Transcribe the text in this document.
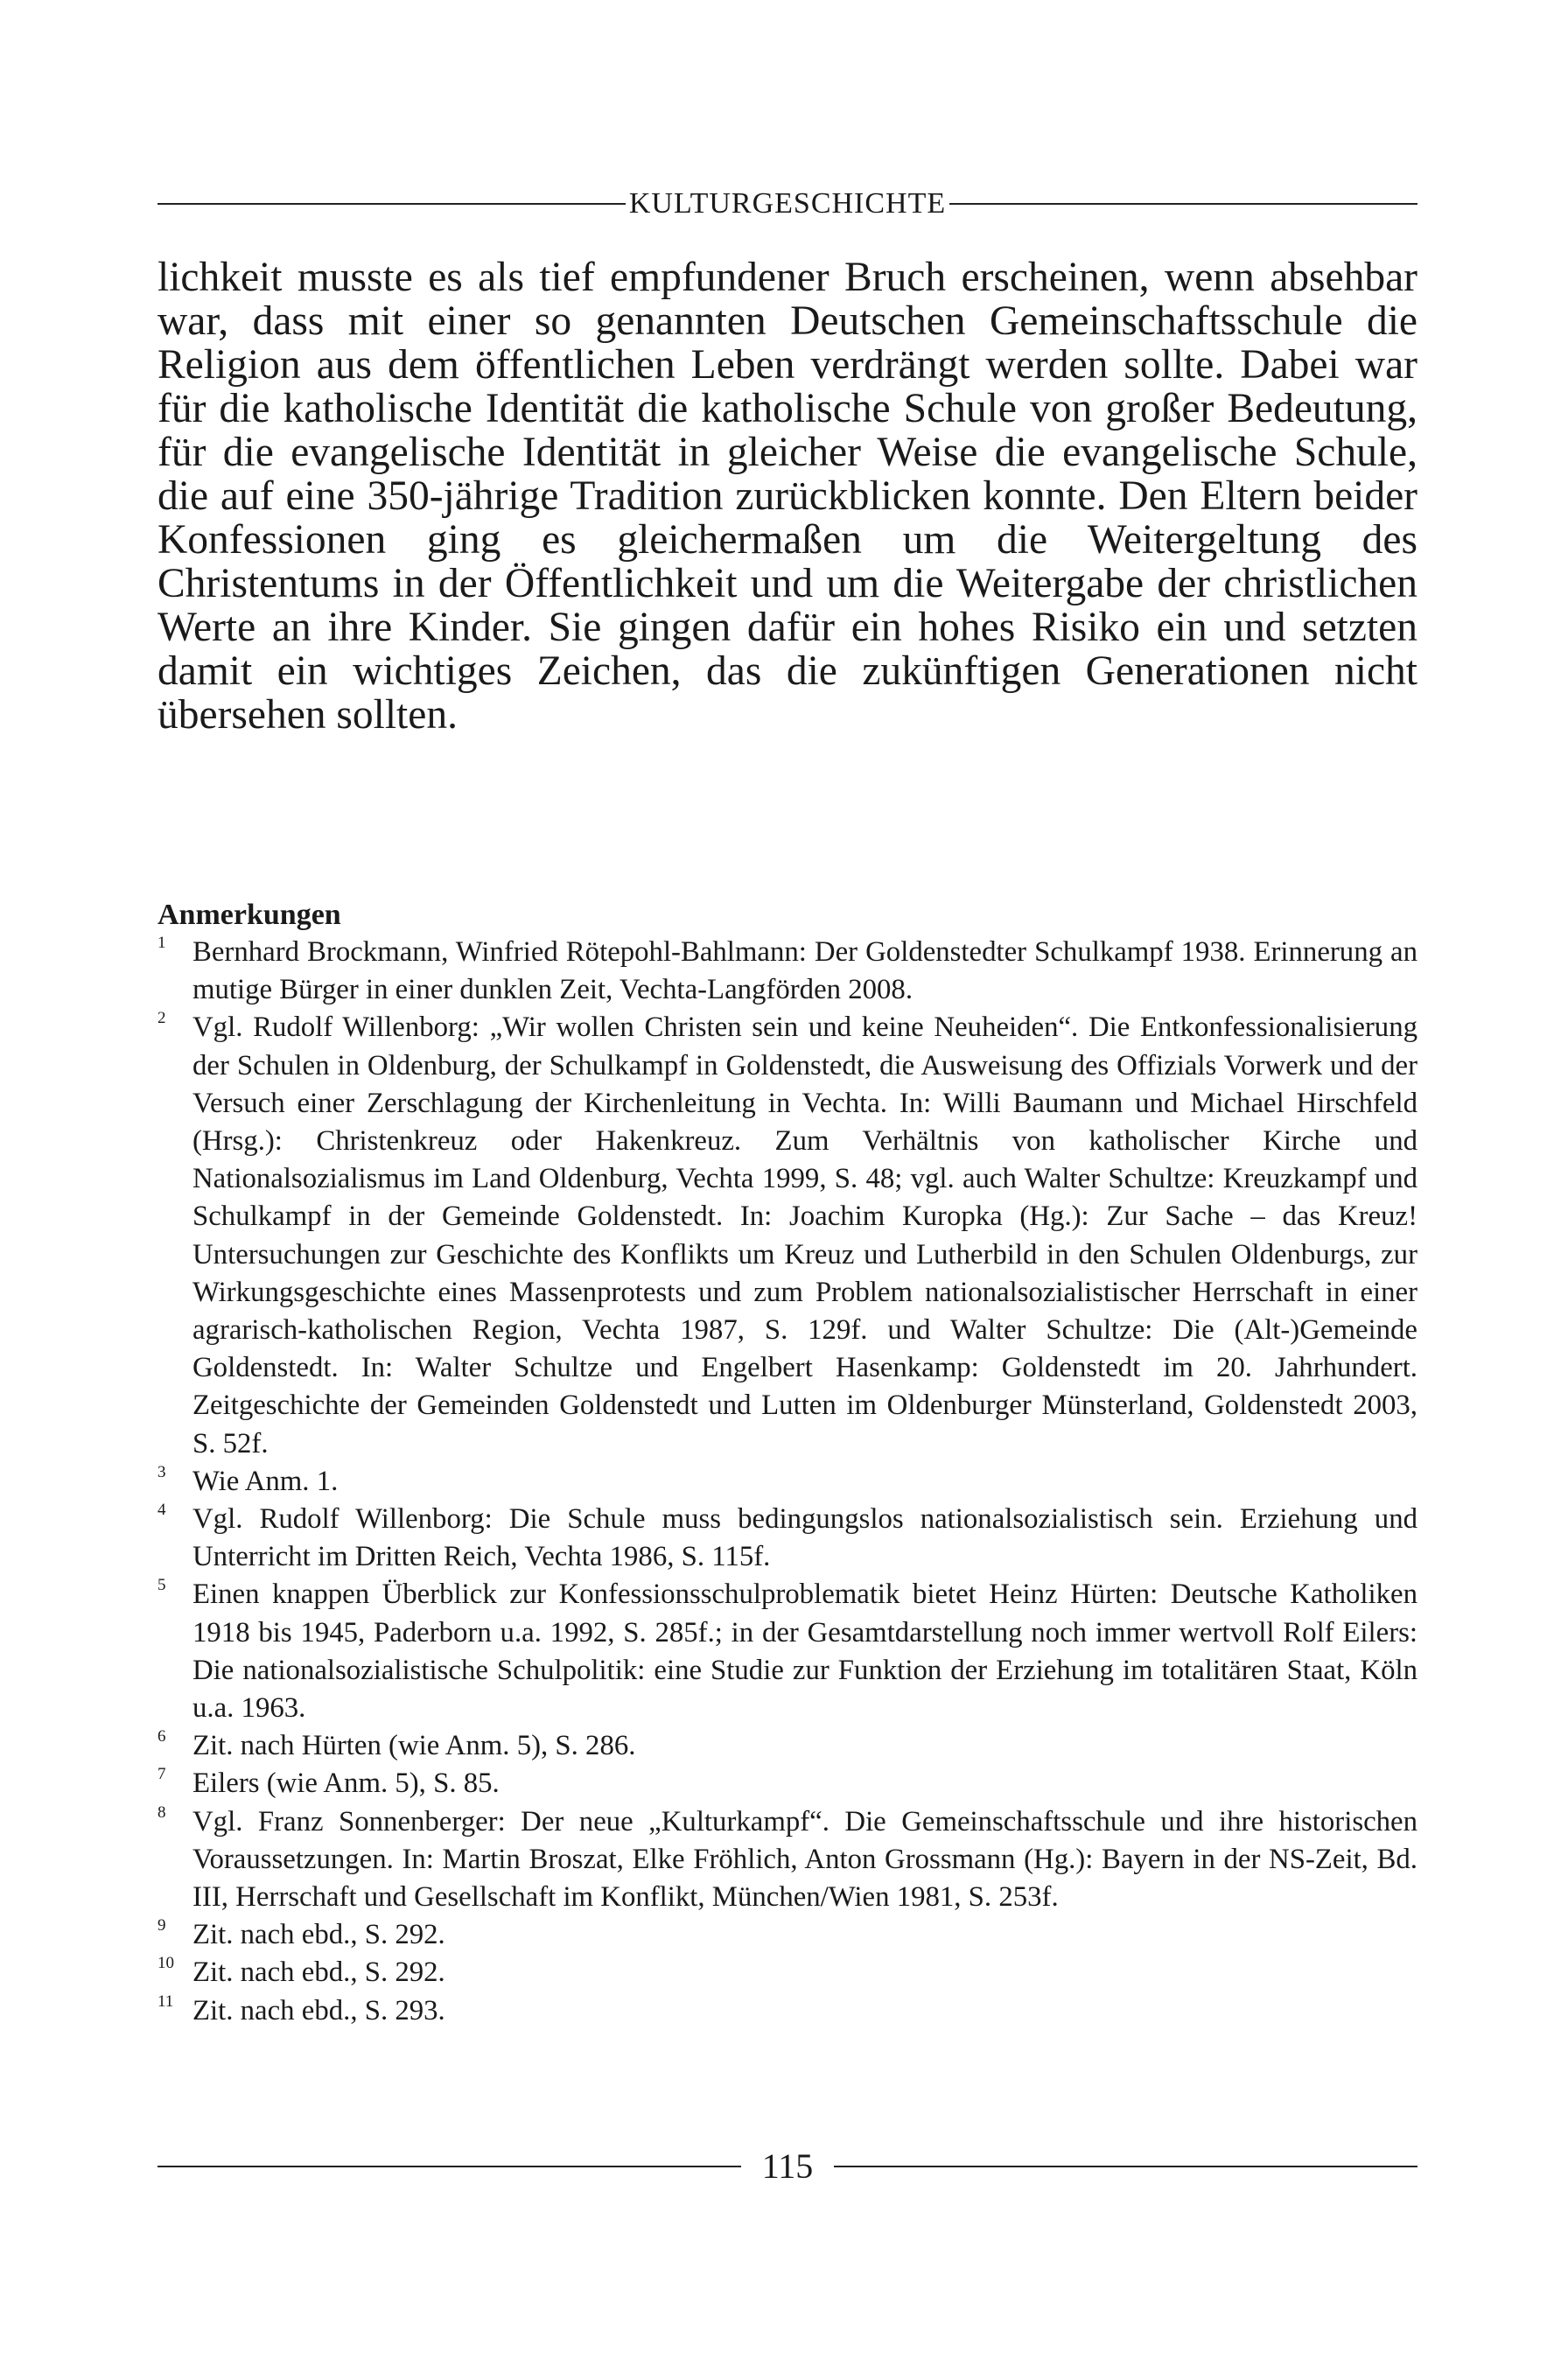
KULTURGESCHICHTE

lichkeit musste es als tief empfundener Bruch erscheinen, wenn absehbar war, dass mit einer so genannten Deutschen Gemeinschaftsschule die Religion aus dem öffentlichen Leben verdrängt werden sollte. Dabei war für die katholische Identität die katholische Schule von großer Bedeutung, für die evangelische Identität in gleicher Weise die evangelische Schule, die auf eine 350-jährige Tradition zurückblicken konnte. Den Eltern beider Konfessionen ging es gleichermaßen um die Weitergeltung des Christentums in der Öffentlichkeit und um die Weitergabe der christlichen Werte an ihre Kinder. Sie gingen dafür ein hohes Risiko ein und setzten damit ein wichtiges Zeichen, das die zukünftigen Generationen nicht übersehen sollten.

Anmerkungen

1 Bernhard Brockmann, Winfried Rötepohl-Bahlmann: Der Goldenstedter Schulkampf 1938. Erinnerung an mutige Bürger in einer dunklen Zeit, Vechta-Langförden 2008.
2 Vgl. Rudolf Willenborg: „Wir wollen Christen sein und keine Neuheiden“. Die Entkonfessionalisierung der Schulen in Oldenburg, der Schulkampf in Goldenstedt, die Ausweisung des Offizials Vorwerk und der Versuch einer Zerschlagung der Kirchenleitung in Vechta. In: Willi Baumann und Michael Hirschfeld (Hrsg.): Christenkreuz oder Hakenkreuz. Zum Verhältnis von katholischer Kirche und Nationalsozialismus im Land Oldenburg, Vechta 1999, S. 48; vgl. auch Walter Schultze: Kreuzkampf und Schulkampf in der Gemeinde Goldenstedt. In: Joachim Kuropka (Hg.): Zur Sache – das Kreuz! Untersuchungen zur Geschichte des Konflikts um Kreuz und Lutherbild in den Schulen Oldenburgs, zur Wirkungsgeschichte eines Massenprotests und zum Problem nationalsozialistischer Herrschaft in einer agrarisch-katholischen Region, Vechta 1987, S. 129f. und Walter Schultze: Die (Alt-)Gemeinde Goldenstedt. In: Walter Schultze und Engelbert Hasenkamp: Goldenstedt im 20. Jahrhundert. Zeitgeschichte der Gemeinden Goldenstedt und Lutten im Oldenburger Münsterland, Goldenstedt 2003, S. 52f.
3 Wie Anm. 1.
4 Vgl. Rudolf Willenborg: Die Schule muss bedingungslos nationalsozialistisch sein. Erziehung und Unterricht im Dritten Reich, Vechta 1986, S. 115f.
5 Einen knappen Überblick zur Konfessionsschulproblematik bietet Heinz Hürten: Deutsche Katholiken 1918 bis 1945, Paderborn u.a. 1992, S. 285f.; in der Gesamtdarstellung noch immer wertvoll Rolf Eilers: Die nationalsozialistische Schulpolitik: eine Studie zur Funktion der Erziehung im totalitären Staat, Köln u.a. 1963.
6 Zit. nach Hürten (wie Anm. 5), S. 286.
7 Eilers (wie Anm. 5), S. 85.
8 Vgl. Franz Sonnenberger: Der neue „Kulturkampf“. Die Gemeinschaftsschule und ihre historischen Voraussetzungen. In: Martin Broszat, Elke Fröhlich, Anton Grossmann (Hg.): Bayern in der NS-Zeit, Bd. III, Herrschaft und Gesellschaft im Konflikt, München/Wien 1981, S. 253f.
9 Zit. nach ebd., S. 292.
10 Zit. nach ebd., S. 292.
11 Zit. nach ebd., S. 293.
115
